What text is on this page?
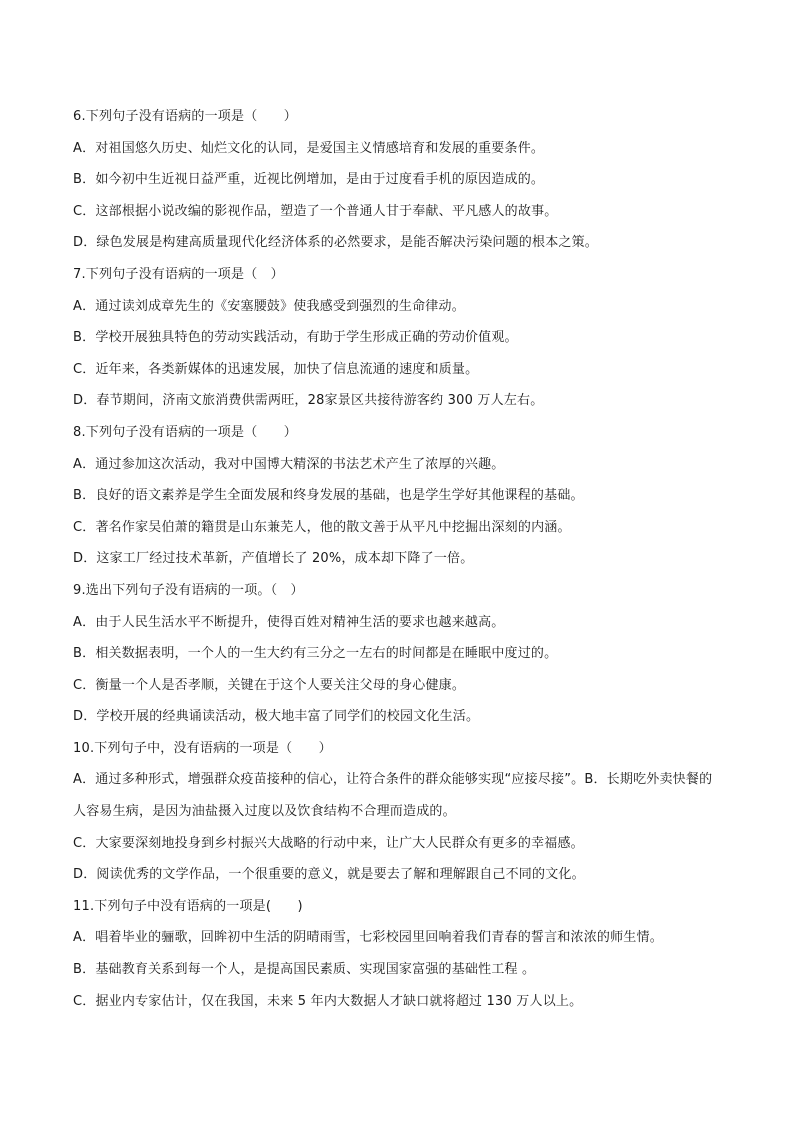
6.下列句子没有语病的一项是（　　）
A．对祖国悠久历史、灿烂文化的认同，是爱国主义情感培育和发展的重要条件。
B．如今初中生近视日益严重，近视比例增加，是由于过度看手机的原因造成的。
C．这部根据小说改编的影视作品，塑造了一个普通人甘于奉献、平凡感人的故事。
D．绿色发展是构建高质量现代化经济体系的必然要求，是能否解决污染问题的根本之策。
7.下列句子没有语病的一项是（　）
A．通过读刘成章先生的《安塞腰鼓》使我感受到强烈的生命律动。
B．学校开展独具特色的劳动实践活动，有助于学生形成正确的劳动价值观。
C．近年来，各类新媒体的迅速发展，加快了信息流通的速度和质量。
D．春节期间，济南文旅消费供需两旺，28家景区共接待游客约 300 万人左右。
8.下列句子没有语病的一项是（　　）
A．通过参加这次活动，我对中国博大精深的书法艺术产生了浓厚的兴趣。
B．良好的语文素养是学生全面发展和终身发展的基础，也是学生学好其他课程的基础。
C．著名作家吴伯萧的籍贯是山东兼芜人，他的散文善于从平凡中挖掘出深刻的内涵。
D．这家工厂经过技术革新，产值增长了 20%，成本却下降了一倍。
9.选出下列句子没有语病的一项。（　）
A．由于人民生活水平不断提升，使得百姓对精神生活的要求也越来越高。
B．相关数据表明，一个人的一生大约有三分之一左右的时间都是在睡眠中度过的。
C．衡量一个人是否孝顺，关键在于这个人要关注父母的身心健康。
D．学校开展的经典诵读活动，极大地丰富了同学们的校园文化生活。
10.下列句子中，没有语病的一项是（　　）
A．通过多种形式，增强群众疫苗接种的信心，让符合条件的群众能够实现“应接尽接”。B．长期吃外卖快餐的人容易生病，是因为油盐摄入过度以及饮食结构不合理而造成的。
C．大家要深刻地投身到乡村振兴大战略的行动中来，让广大人民群众有更多的幸福感。
D．阅读优秀的文学作品，一个很重要的意义，就是要去了解和理解跟自己不同的文化。
11.下列句子中没有语病的一项是(　　)
A．唱着毕业的骊歌，回眸初中生活的阴晴雨雪，七彩校园里回响着我们青春的誓言和浓浓的师生情。
B．基础教育关系到每一个人，是提高国民素质、实现国家富强的基础性工程 。
C．据业内专家估计，仅在我国，未来 5 年内大数据人才缺口就将超过 130 万人以上。
